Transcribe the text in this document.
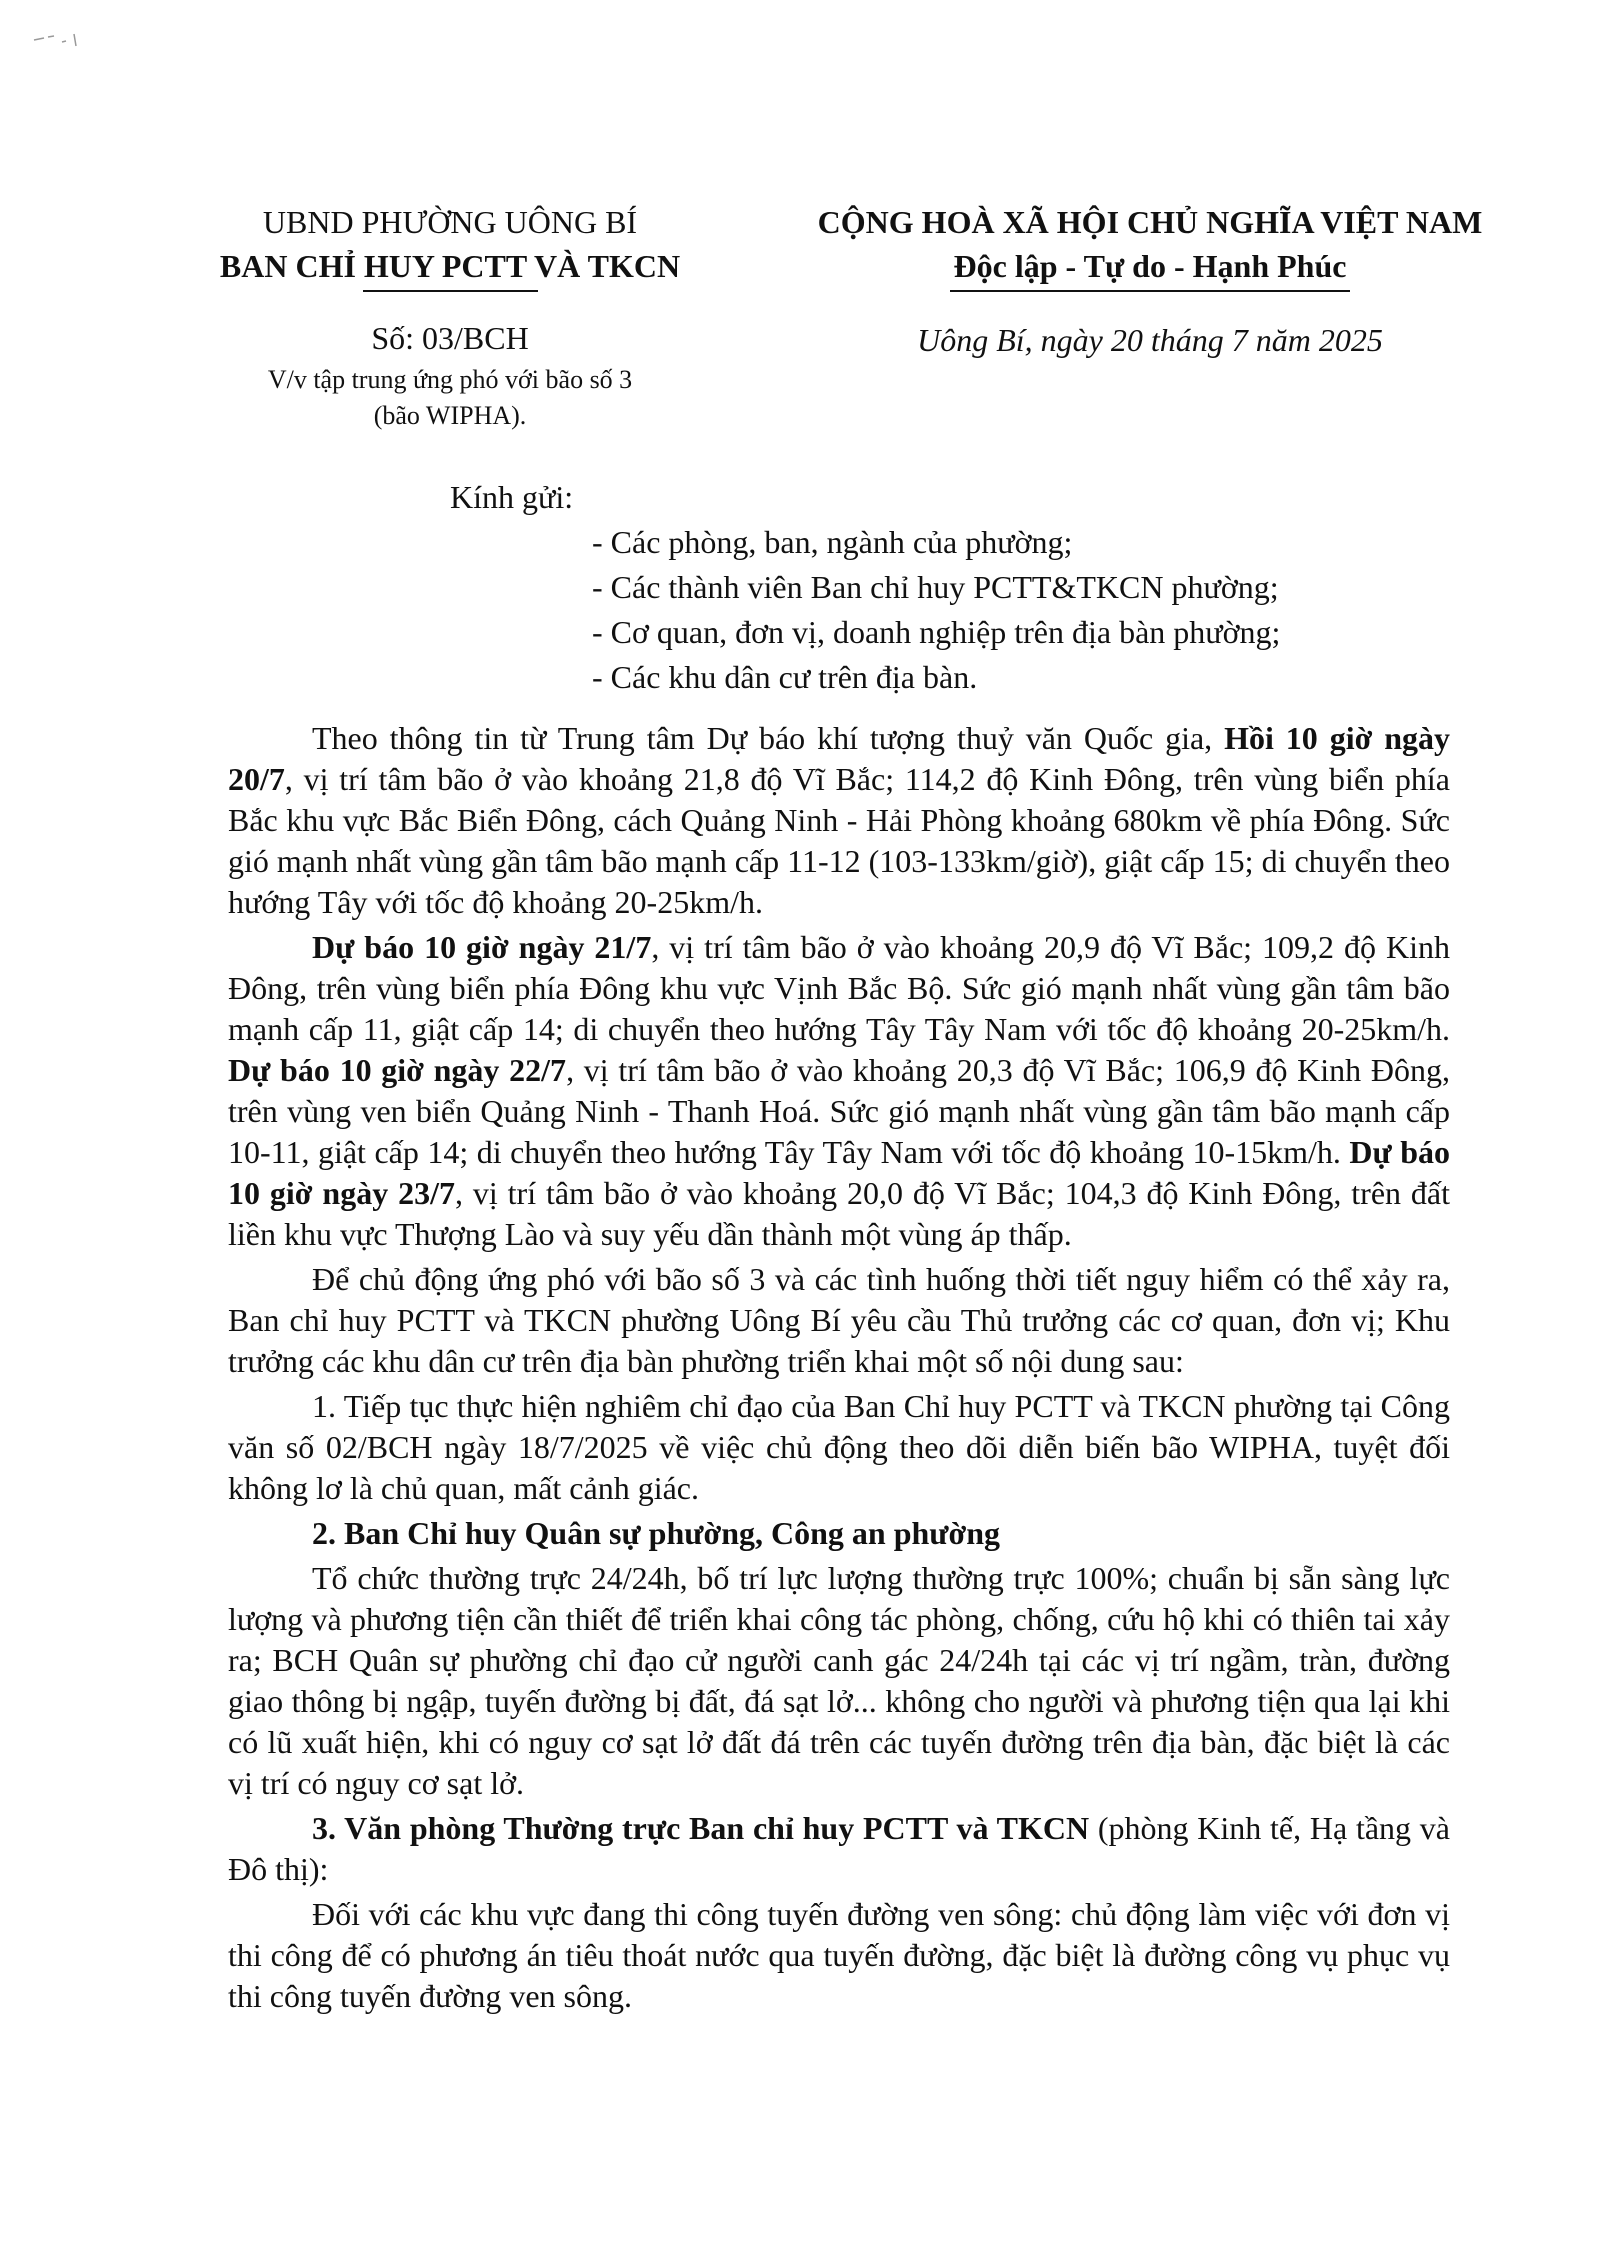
UBND PHƯỜNG UÔNG BÍ
BAN CHỈ HUY PCTT VÀ TKCN
CỘNG HOÀ XÃ HỘI CHỦ NGHĨA VIỆT NAM
Độc lập - Tự do - Hạnh Phúc
Số: 03/BCH
V/v tập trung ứng phó với bão số 3
(bão WIPHA).
Uông Bí, ngày 20 tháng 7 năm 2025
Kính gửi:
- Các phòng, ban, ngành của phường;
- Các thành viên Ban chỉ huy PCTT&TKCN phường;
- Cơ quan, đơn vị, doanh nghiệp trên địa bàn phường;
- Các khu dân cư trên địa bàn.

Theo thông tin từ Trung tâm Dự báo khí tượng thuỷ văn Quốc gia, Hồi 10 giờ ngày 20/7, vị trí tâm bão ở vào khoảng 21,8 độ Vĩ Bắc; 114,2 độ Kinh Đông, trên vùng biển phía Bắc khu vực Bắc Biển Đông, cách Quảng Ninh - Hải Phòng khoảng 680km về phía Đông. Sức gió mạnh nhất vùng gần tâm bão mạnh cấp 11-12 (103-133km/giờ), giật cấp 15; di chuyển theo hướng Tây với tốc độ khoảng 20-25km/h.

Dự báo 10 giờ ngày 21/7, vị trí tâm bão ở vào khoảng 20,9 độ Vĩ Bắc; 109,2 độ Kinh Đông, trên vùng biển phía Đông khu vực Vịnh Bắc Bộ. Sức gió mạnh nhất vùng gần tâm bão mạnh cấp 11, giật cấp 14; di chuyển theo hướng Tây Tây Nam với tốc độ khoảng 20-25km/h. Dự báo 10 giờ ngày 22/7, vị trí tâm bão ở vào khoảng 20,3 độ Vĩ Bắc; 106,9 độ Kinh Đông, trên vùng ven biển Quảng Ninh - Thanh Hoá. Sức gió mạnh nhất vùng gần tâm bão mạnh cấp 10-11, giật cấp 14; di chuyển theo hướng Tây Tây Nam với tốc độ khoảng 10-15km/h. Dự báo 10 giờ ngày 23/7, vị trí tâm bão ở vào khoảng 20,0 độ Vĩ Bắc; 104,3 độ Kinh Đông, trên đất liền khu vực Thượng Lào và suy yếu dần thành một vùng áp thấp.

Để chủ động ứng phó với bão số 3 và các tình huống thời tiết nguy hiểm có thể xảy ra, Ban chỉ huy PCTT và TKCN phường Uông Bí yêu cầu Thủ trưởng các cơ quan, đơn vị; Khu trưởng các khu dân cư trên địa bàn phường triển khai một số nội dung sau:

1. Tiếp tục thực hiện nghiêm chỉ đạo của Ban Chỉ huy PCTT và TKCN phường tại Công văn số 02/BCH ngày 18/7/2025 về việc chủ động theo dõi diễn biến bão WIPHA, tuyệt đối không lơ là chủ quan, mất cảnh giác.

2. Ban Chỉ huy Quân sự phường, Công an phường

Tổ chức thường trực 24/24h, bố trí lực lượng thường trực 100%; chuẩn bị sẵn sàng lực lượng và phương tiện cần thiết để triển khai công tác phòng, chống, cứu hộ khi có thiên tai xảy ra; BCH Quân sự phường chỉ đạo cử người canh gác 24/24h tại các vị trí ngầm, tràn, đường giao thông bị ngập, tuyến đường bị đất, đá sạt lở... không cho người và phương tiện qua lại khi có lũ xuất hiện, khi có nguy cơ sạt lở đất đá trên các tuyến đường trên địa bàn, đặc biệt là các vị trí có nguy cơ sạt lở.

3. Văn phòng Thường trực Ban chỉ huy PCTT và TKCN (phòng Kinh tế, Hạ tầng và Đô thị):

Đối với các khu vực đang thi công tuyến đường ven sông: chủ động làm việc với đơn vị thi công để có phương án tiêu thoát nước qua tuyến đường, đặc biệt là đường công vụ phục vụ thi công tuyến đường ven sông.
